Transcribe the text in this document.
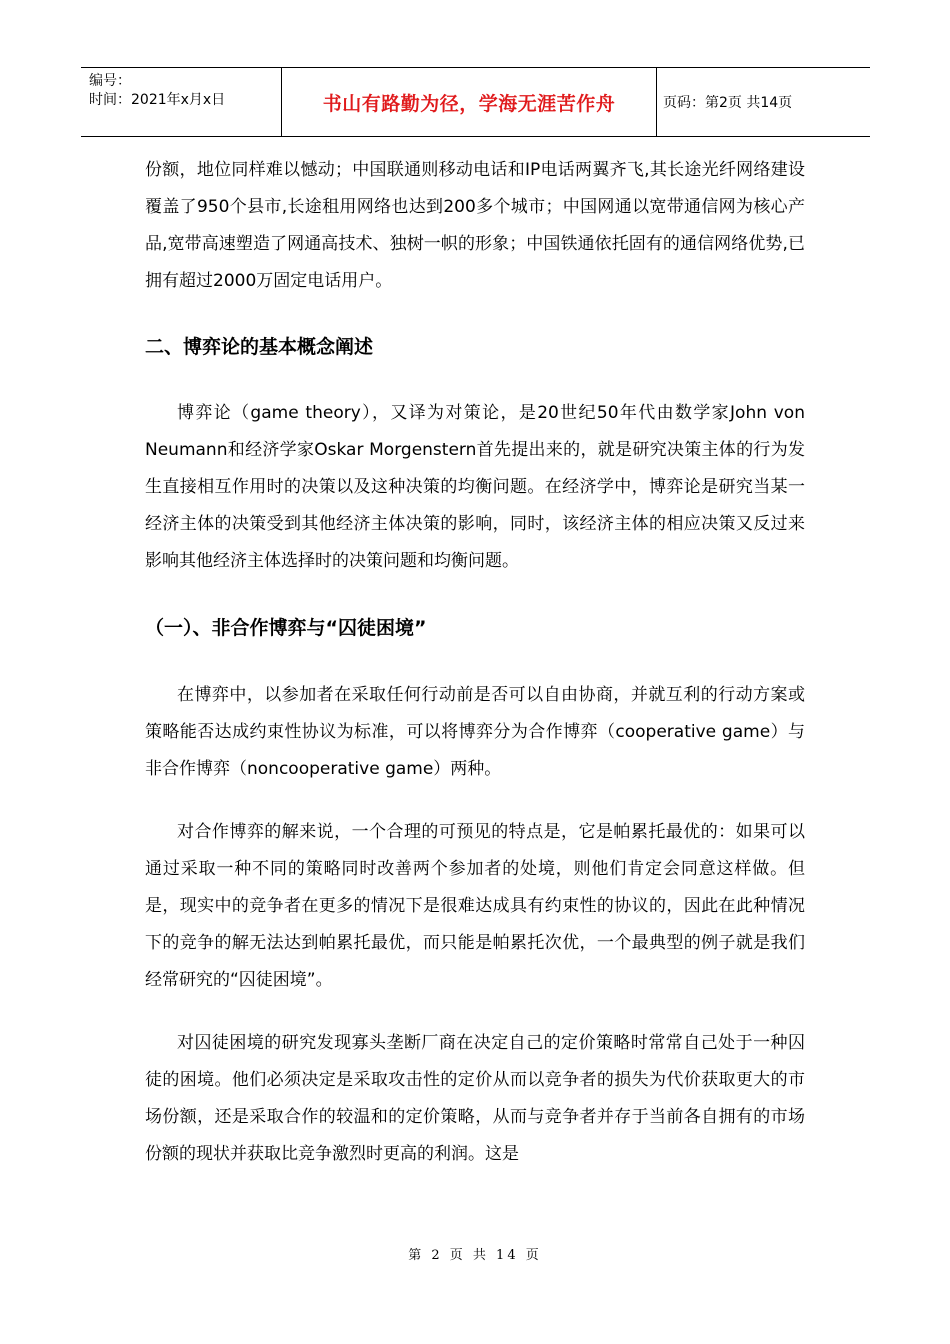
编号：
时间：2021年x月x日	书山有路勤为径，学海无涯苦作舟	页码：第2页 共14页

份额，地位同样难以憾动；中国联通则移动电话和IP电话两翼齐飞,其长途光纤网络建设覆盖了950个县市,长途租用网络也达到200多个城市；中国网通以宽带通信网为核心产品,宽带高速塑造了网通高技术、独树一帜的形象；中国铁通依托固有的通信网络优势,已拥有超过2000万固定电话用户。

二、博弈论的基本概念阐述

博弈论（game theory），又译为对策论，是20世纪50年代由数学家John von Neumann和经济学家Oskar Morgenstern首先提出来的，就是研究决策主体的行为发生直接相互作用时的决策以及这种决策的均衡问题。在经济学中，博弈论是研究当某一经济主体的决策受到其他经济主体决策的影响，同时，该经济主体的相应决策又反过来影响其他经济主体选择时的决策问题和均衡问题。

（一）、非合作博弈与“囚徒困境”

在博弈中，以参加者在采取任何行动前是否可以自由协商，并就互利的行动方案或策略能否达成约束性协议为标准，可以将博弈分为合作博弈（cooperative game）与非合作博弈（noncooperative game）两种。

对合作博弈的解来说，一个合理的可预见的特点是，它是帕累托最优的：如果可以通过采取一种不同的策略同时改善两个参加者的处境，则他们肯定会同意这样做。但是，现实中的竞争者在更多的情况下是很难达成具有约束性的协议的，因此在此种情况下的竞争的解无法达到帕累托最优，而只能是帕累托次优，一个最典型的例子就是我们经常研究的“囚徒困境”。

对囚徒困境的研究发现寡头垄断厂商在决定自己的定价策略时常常自己处于一种囚徒的困境。他们必须决定是采取攻击性的定价从而以竞争者的损失为代价获取更大的市场份额，还是采取合作的较温和的定价策略，从而与竞争者并存于当前各自拥有的市场份额的现状并获取比竞争激烈时更高的利润。这是

第 2 页 共 14 页
